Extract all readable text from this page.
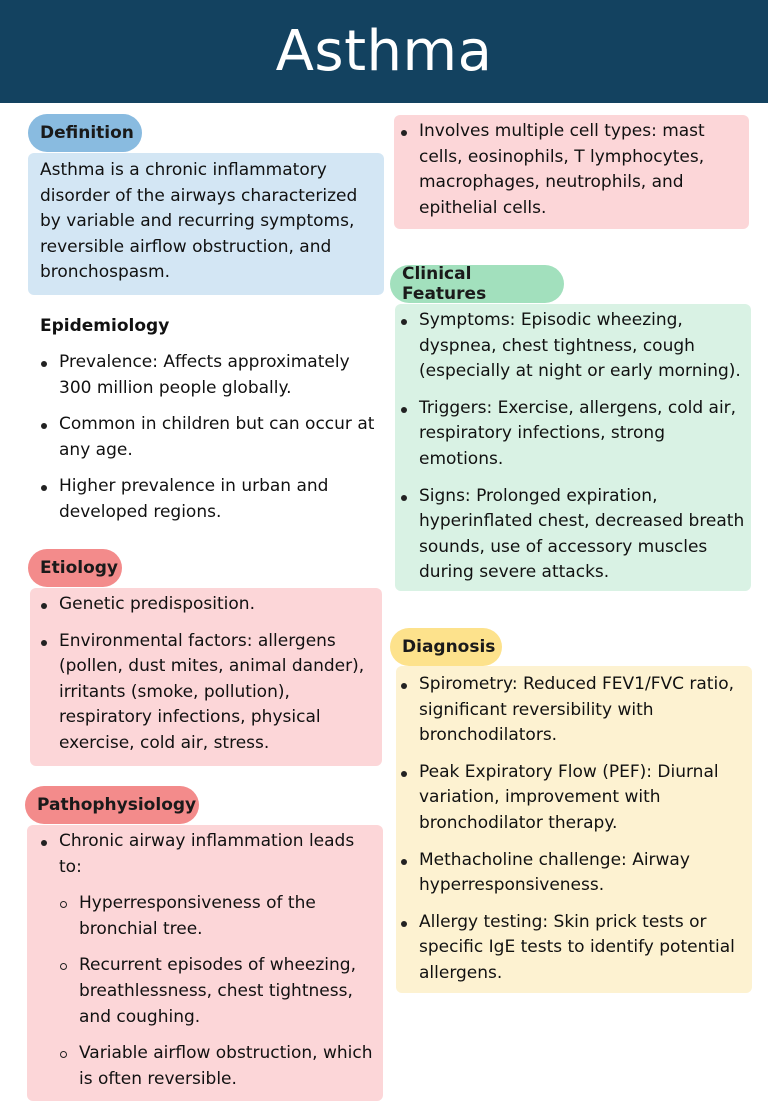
Asthma
Asthma is a chronic inflammatory disorder of the airways characterized by variable and recurring symptoms, reversible airflow obstruction, and bronchospasm.
Definition
Epidemiology
Prevalence: Affects approximately 300 million people globally.
Common in children but can occur at any age.
Higher prevalence in urban and developed regions.
Genetic predisposition.
Environmental factors: allergens (pollen, dust mites, animal dander), irritants (smoke, pollution), respiratory infections, physical exercise, cold air, stress.
Etiology
Chronic airway inflammation leads to:
Hyperresponsiveness of the bronchial tree.
Recurrent episodes of wheezing, breathlessness, chest tightness, and coughing.
Variable airflow obstruction, which is often reversible.
Pathophysiology
Involves multiple cell types: mast cells, eosinophils, T lymphocytes, macrophages, neutrophils, and epithelial cells.
Symptoms: Episodic wheezing, dyspnea, chest tightness, cough (especially at night or early morning).
Triggers: Exercise, allergens, cold air, respiratory infections, strong emotions.
Signs: Prolonged expiration, hyperinflated chest, decreased breath sounds, use of accessory muscles during severe attacks.
Clinical Features
Spirometry: Reduced FEV1/FVC ratio, significant reversibility with bronchodilators.
Peak Expiratory Flow (PEF): Diurnal variation, improvement with bronchodilator therapy.
Methacholine challenge: Airway hyperresponsiveness.
Allergy testing: Skin prick tests or specific IgE tests to identify potential allergens.
Diagnosis
